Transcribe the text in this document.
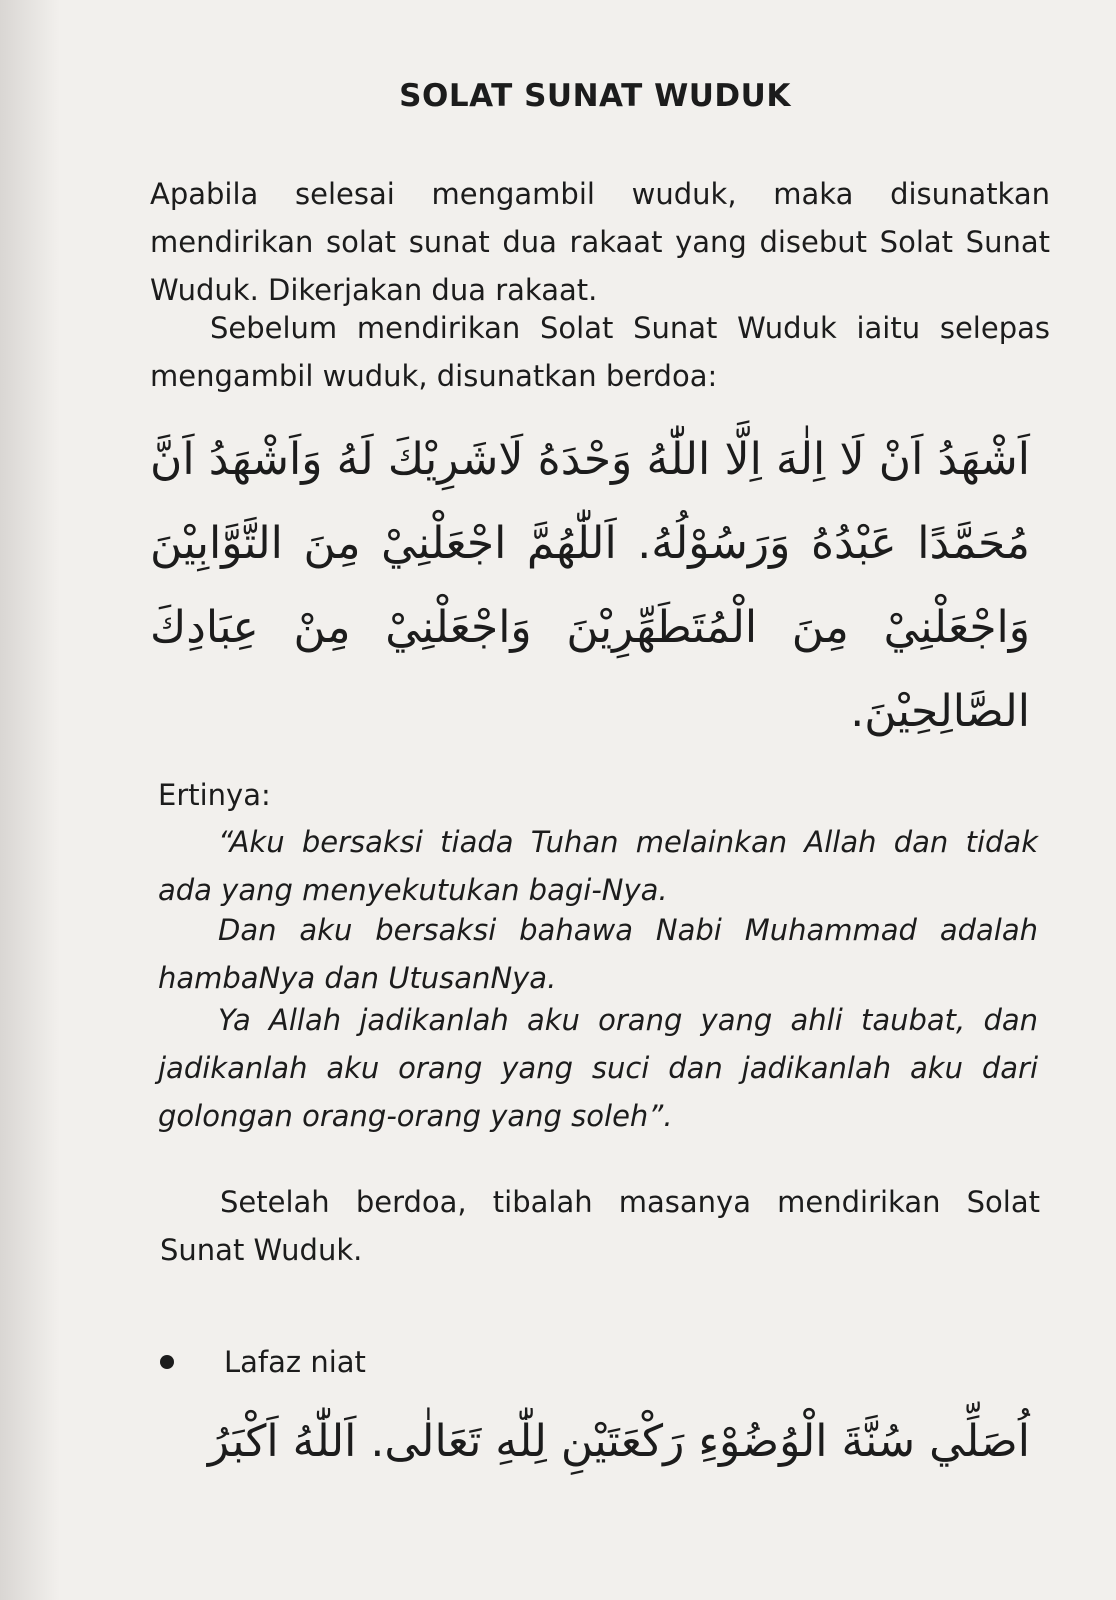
SOLAT SUNAT WUDUK

Apabila selesai mengambil wuduk, maka disunatkan mendirikan solat sunat dua rakaat yang disebut Solat Sunat Wuduk. Dikerjakan dua rakaat.

Sebelum mendirikan Solat Sunat Wuduk iaitu selepas mengambil wuduk, disunatkan berdoa:

اَشْهَدُ اَنْ لَا اِلٰهَ اِلَّا اللّٰهُ وَحْدَهُ لَاشَرِيْكَ لَهُ وَاَشْهَدُ اَنَّ مُحَمَّدًا عَبْدُهُ وَرَسُوْلُهُ. اَللّٰهُمَّ اجْعَلْنِيْ مِنَ التَّوَّابِيْنَ وَاجْعَلْنِيْ مِنَ الْمُتَطَهِّرِيْنَ وَاجْعَلْنِيْ مِنْ عِبَادِكَ الصَّالِحِيْنَ.
Ertinya:

“Aku bersaksi tiada Tuhan melainkan Allah dan tidak ada yang menyekutukan bagi-Nya.

Dan aku bersaksi bahawa Nabi Muhammad adalah hambaNya dan UtusanNya.

Ya Allah jadikanlah aku orang yang ahli taubat, dan jadikanlah aku orang yang suci dan jadikanlah aku dari golongan orang-orang yang soleh”.

Setelah berdoa, tibalah masanya mendirikan Solat Sunat Wuduk.

Lafaz niat
اُصَلِّي سُنَّةَ الْوُضُوْءِ رَكْعَتَيْنِ لِلّٰهِ تَعَالٰى. اَللّٰهُ اَكْبَرُ
